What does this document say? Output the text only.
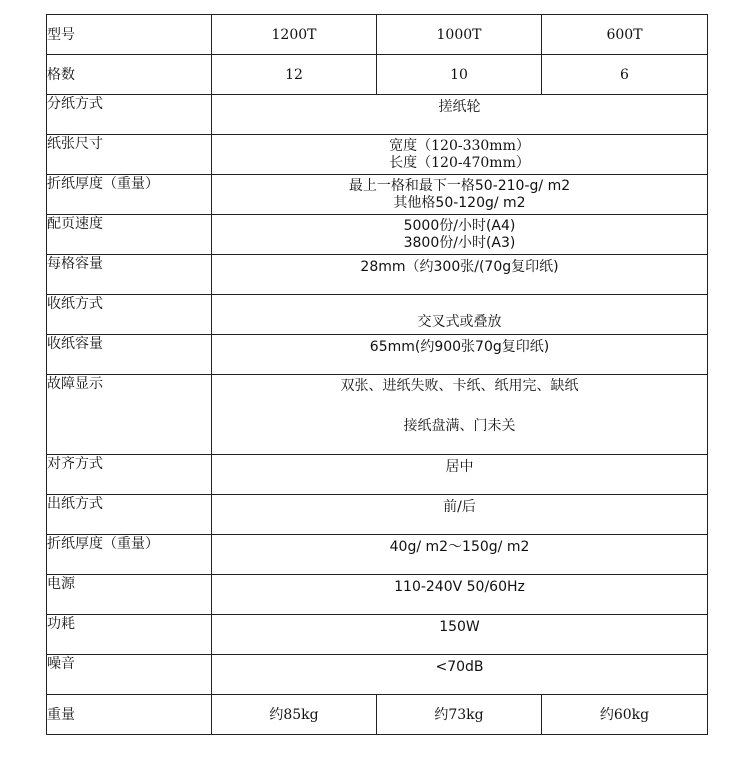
型号	1200T	1000T	600T
格数	12	10	6
分纸方式	搓纸轮		
纸张尺寸	宽度（120-330mm）
长度（120-470mm）		

折纸厚度（重量）	最上一格和最下一格50-210-g/ m2
其他格50-120g/ m2		

配页速度	5000份/小时(A4)
3800份/小时(A3)		

每格容量	28mm（约300张/(70g复印纸)		
收纸方式	交叉式或叠放		
收纸容量	65mm(约900张70g复印纸)		
故障显示	双张、进纸失败、卡纸、纸用完、缺纸
接纸盘满、门未关		

对齐方式	居中		
出纸方式	前/后		
折纸厚度（重量）	40g/ m2～150g/ m2		
电源	110-240V 50/60Hz		
功耗	150W		
噪音	<70dB		
重量	约85kg	约73kg	约60kg
